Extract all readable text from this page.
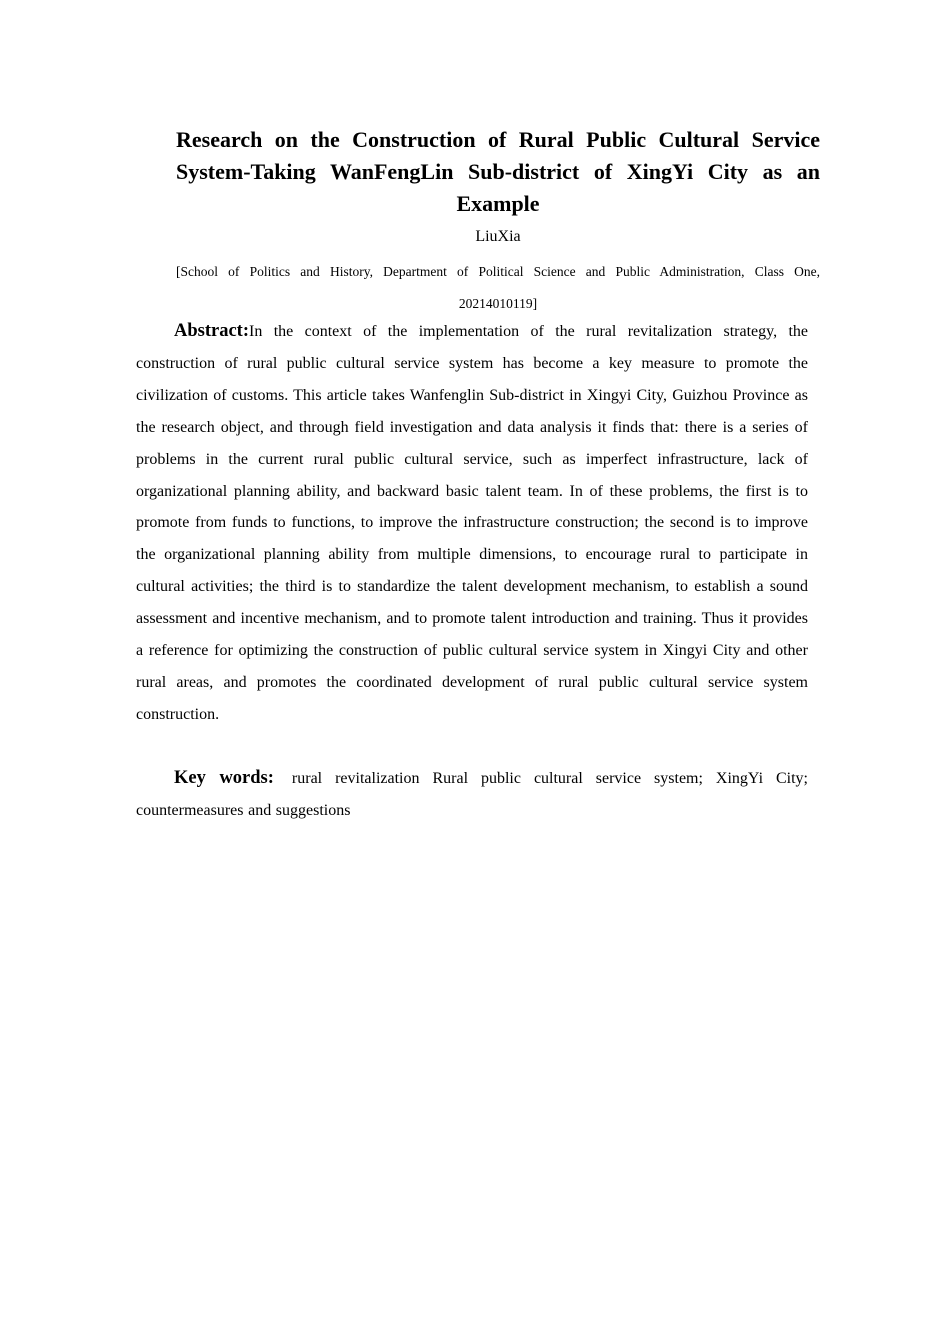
Research on the Construction of Rural Public Cultural Service
System-Taking WanFengLin Sub-district of XingYi City as an
Example
LiuXia
[School of Politics and History, Department of Political Science and Public Administration, Class One,
20214010119]

Abstract:In the context of the implementation of the rural revitalization strategy, the construction of rural public cultural service system has become a key measure to promote the civilization of customs. This article takes Wanfenglin Sub-district in Xingyi City, Guizhou Province as the research object, and through field investigation and data analysis it finds that: there is a series of problems in the current rural public cultural service, such as imperfect infrastructure, lack of organizational planning ability, and backward basic talent team. In of these problems, the first is to promote from funds to functions, to improve the infrastructure construction; the second is to improve the organizational planning ability from multiple dimensions, to encourage rural to participate in cultural activities; the third is to standardize the talent development mechanism, to establish a sound assessment and incentive mechanism, and to promote talent introduction and training. Thus it provides a reference for optimizing the construction of public cultural service system in Xingyi City and other rural areas, and promotes the coordinated development of rural public cultural service system construction.

Key words: rural revitalization Rural public cultural service system; XingYi City; countermeasures and suggestions
